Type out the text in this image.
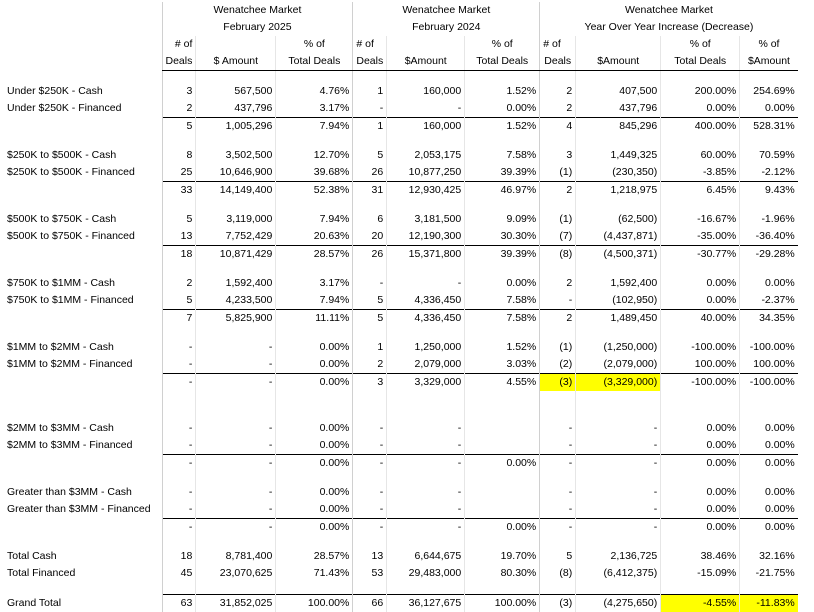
	Wenatchee Market			Wenatchee Market			Wenatchee Market			
	February 2025			February 2024			Year Over Year Increase (Decrease)			
	# of		% of	# of		% of	# of		% of	% of
	Deals	$ Amount	Total Deals	Deals	$Amount	Total Deals	Deals	$Amount	Total Deals	$Amount

Under $250K - Cash	3	567,500	4.76%	1	160,000	1.52%	2	407,500	200.00%	254.69%
Under $250K - Financed	2	437,796	3.17%	-	-	0.00%	2	437,796	0.00%	0.00%
	5	1,005,296	7.94%	1	160,000	1.52%	4	845,296	400.00%	528.31%

$250K to $500K - Cash	8	3,502,500	12.70%	5	2,053,175	7.58%	3	1,449,325	60.00%	70.59%
$250K to $500K - Financed	25	10,646,900	39.68%	26	10,877,250	39.39%	(1)	(230,350)	-3.85%	-2.12%
	33	14,149,400	52.38%	31	12,930,425	46.97%	2	1,218,975	6.45%	9.43%

$500K to $750K - Cash	5	3,119,000	7.94%	6	3,181,500	9.09%	(1)	(62,500)	-16.67%	-1.96%
$500K to $750K - Financed	13	7,752,429	20.63%	20	12,190,300	30.30%	(7)	(4,437,871)	-35.00%	-36.40%
	18	10,871,429	28.57%	26	15,371,800	39.39%	(8)	(4,500,371)	-30.77%	-29.28%

$750K to $1MM - Cash	2	1,592,400	3.17%	-	-	0.00%	2	1,592,400	0.00%	0.00%
$750K to $1MM - Financed	5	4,233,500	7.94%	5	4,336,450	7.58%	-	(102,950)	0.00%	-2.37%
	7	5,825,900	11.11%	5	4,336,450	7.58%	2	1,489,450	40.00%	34.35%

$1MM to $2MM - Cash	-	-	0.00%	1	1,250,000	1.52%	(1)	(1,250,000)	-100.00%	-100.00%
$1MM to $2MM - Financed	-	-	0.00%	2	2,079,000	3.03%	(2)	(2,079,000)	100.00%	100.00%
	-	-	0.00%	3	3,329,000	4.55%	(3)	(3,329,000)	-100.00%	-100.00%

$2MM to $3MM - Cash	-	-	0.00%	-	-		-	-	0.00%	0.00%
$2MM to $3MM - Financed	-	-	0.00%	-	-		-	-	0.00%	0.00%
	-	-	0.00%	-	-	0.00%	-	-	0.00%	0.00%

Greater than $3MM - Cash	-	-	0.00%	-	-		-	-	0.00%	0.00%
Greater than $3MM - Financed	-	-	0.00%	-	-		-	-	0.00%	0.00%
	-	-	0.00%	-	-	0.00%	-	-	0.00%	0.00%

Total Cash	18	8,781,400	28.57%	13	6,644,675	19.70%	5	2,136,725	38.46%	32.16%
Total Financed	45	23,070,625	71.43%	53	29,483,000	80.30%	(8)	(6,412,375)	-15.09%	-21.75%

Grand Total	63	31,852,025	100.00%	66	36,127,675	100.00%	(3)	(4,275,650)	-4.55%	-11.83%
